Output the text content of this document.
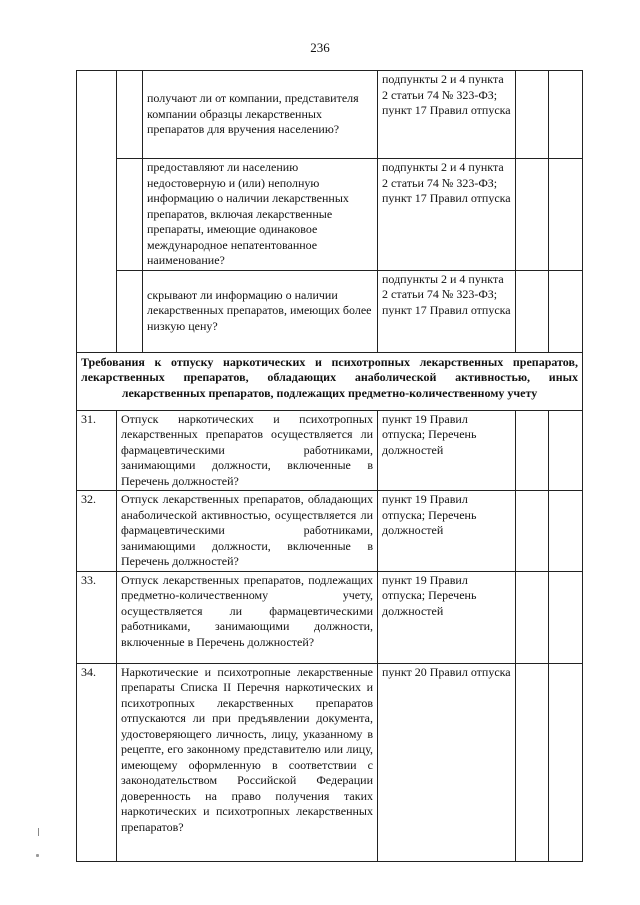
236
		получают ли от компании, представителя компании образцы лекарственных препаратов для вручения населению?	подпункты 2 и 4 пункта 2 статьи 74 № 323-ФЗ; пункт 17 Правил отпуска		
		предоставляют ли населению недостоверную и (или) неполную информацию о наличии лекарственных препаратов, включая лекарственные препараты, имеющие одинаковое международное непатентованное наименование?	подпункты 2 и 4 пункта 2 статьи 74 № 323-ФЗ; пункт 17 Правил отпуска		
		скрывают ли информацию о наличии лекарственных препаратов, имеющих более низкую цену?	подпункты 2 и 4 пункта 2 статьи 74 № 323-ФЗ; пункт 17 Правил отпуска		
Требования к отпуску наркотических и психотропных лекарственных препаратов, лекарственных препаратов, обладающих анаболической активностью, иных лекарственных препаратов, подлежащих предметно-количественному учету					
31.	Отпуск наркотических и психотропных лекарственных препаратов осуществляется ли фармацевтическими работниками, занимающими должности, включенные в Перечень должностей?		пункт 19 Правил отпуска; Перечень должностей		
32.	Отпуск лекарственных препаратов, обладающих анаболической активностью, осуществляется ли фармацевтическими работниками, занимающими должности, включенные в Перечень должностей?		пункт 19 Правил отпуска; Перечень должностей		
33.	Отпуск лекарственных препаратов, подлежащих предметно-количественному учету, осуществляется ли фармацевтическими работниками, занимающими должности, включенные в Перечень должностей?		пункт 19 Правил отпуска; Перечень должностей		
34.	Наркотические и психотропные лекарственные препараты Списка II Перечня наркотических и психотропных лекарственных препаратов отпускаются ли при предъявлении документа, удостоверяющего личность, лицу, указанному в рецепте, его законному представителю или лицу, имеющему оформленную в соответствии с законодательством Российской Федерации доверенность на право получения таких наркотических и психотропных лекарственных препаратов?		пункт 20 Правил отпуска		
